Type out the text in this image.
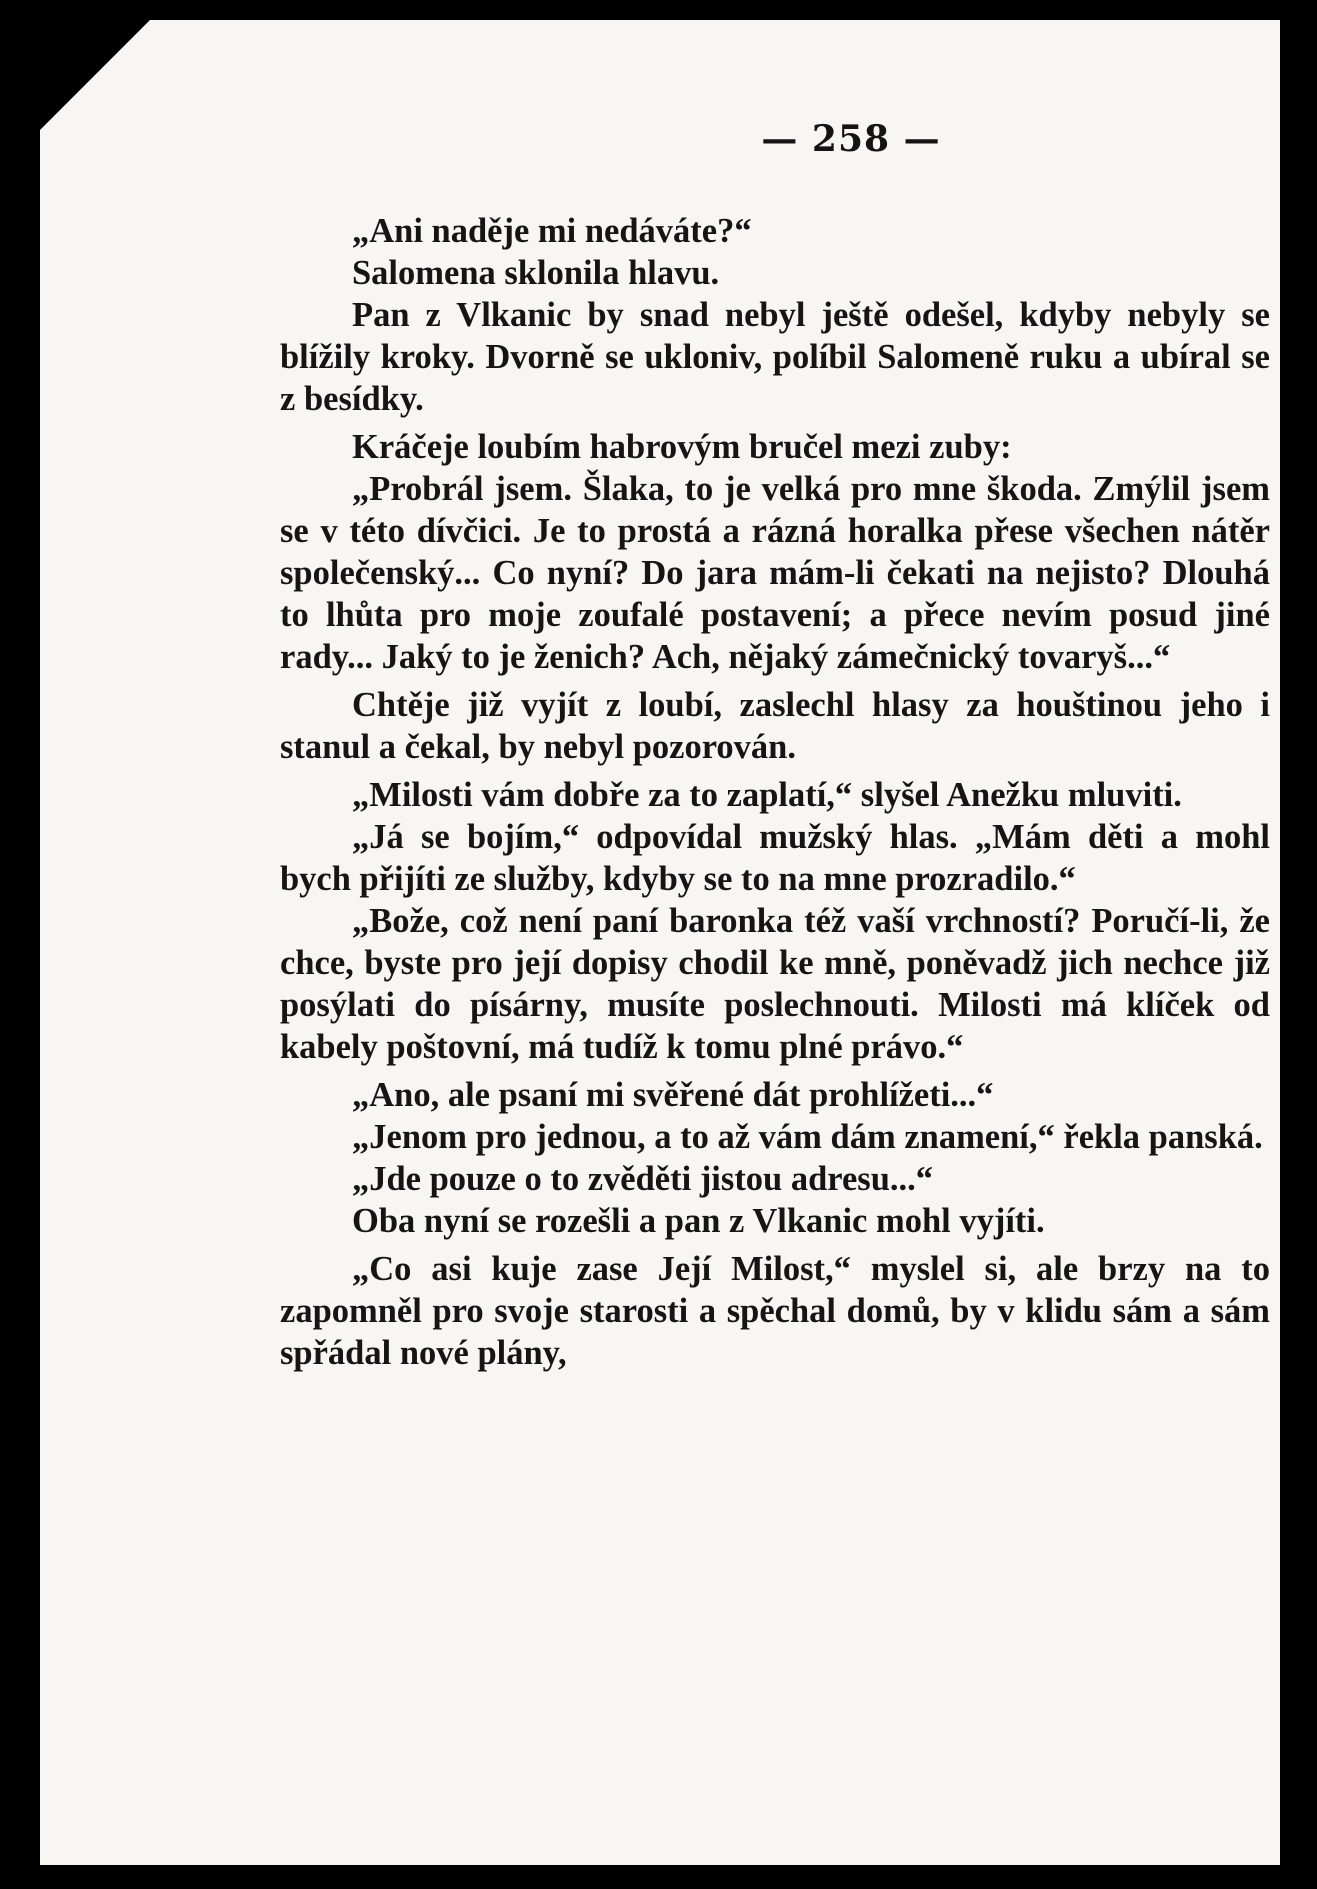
— 258 —

„Ani naděje mi nedáváte?“

Salomena sklonila hlavu.

Pan z Vlkanic by snad nebyl ještě odešel, kdyby nebyly se blížily kroky. Dvorně se ukloniv, políbil Salomeně ruku a ubíral se z besídky.

Kráčeje loubím habrovým bručel mezi zuby:

„Probrál jsem. Šlaka, to je velká pro mne škoda. Zmýlil jsem se v této dívčici. Je to prostá a rázná horalka přese všechen nátěr společenský... Co nyní? Do jara mám-li čekati na nejisto? Dlouhá to lhůta pro moje zoufalé postavení; a přece nevím posud jiné rady... Jaký to je ženich? Ach, nějaký zámečnický tovaryš...“

Chtěje již vyjít z loubí, zaslechl hlasy za houštinou jeho i stanul a čekal, by nebyl pozorován.

„Milosti vám dobře za to zaplatí,“ slyšel Anežku mluviti.

„Já se bojím,“ odpovídal mužský hlas. „Mám děti a mohl bych přijíti ze služby, kdyby se to na mne prozradilo.“

„Bože, což není paní baronka též vaší vrchností? Poručí-li, že chce, byste pro její dopisy chodil ke mně, poněvadž jich nechce již posýlati do písárny, musíte poslechnouti. Milosti má klíček od kabely poštovní, má tudíž k tomu plné právo.“

„Ano, ale psaní mi svěřené dát prohlížeti...“

„Jenom pro jednou, a to až vám dám znamení,“ řekla panská.

„Jde pouze o to zvěděti jistou adresu...“

Oba nyní se rozešli a pan z Vlkanic mohl vyjíti.

„Co asi kuje zase Její Milost,“ myslel si, ale brzy na to zapomněl pro svoje starosti a spěchal domů, by v klidu sám a sám spřádal nové plány,
